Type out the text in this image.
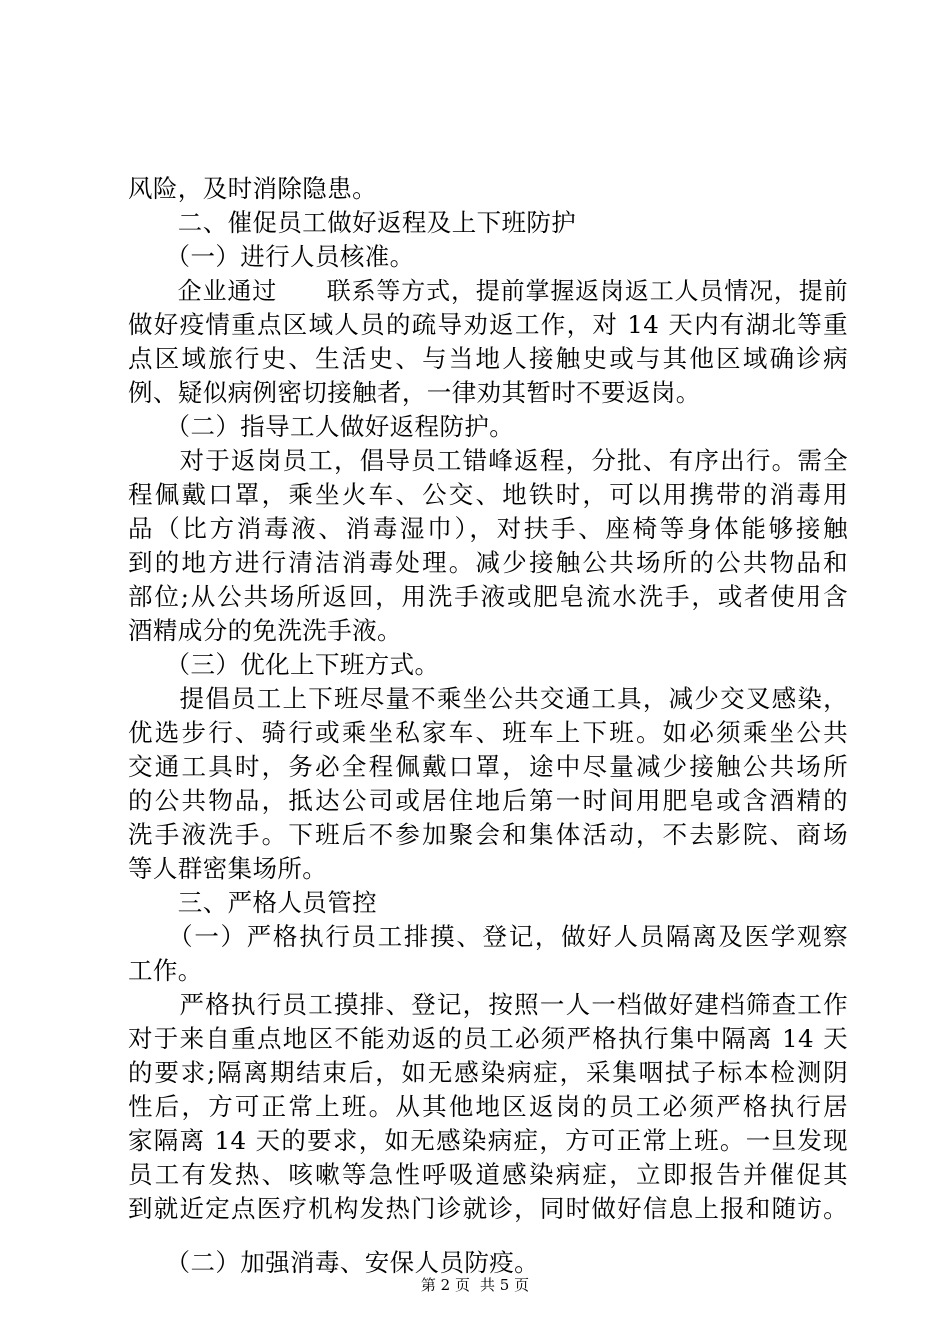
风险，及时消除隐患。
　　二、催促员工做好返程及上下班防护
　　（一）进行人员核准。
　　企业通过　　联系等方式，提前掌握返岗返工人员情况，提前
做好疫情重点区域人员的疏导劝返工作，对 14 天内有湖北等重
点区域旅行史、生活史、与当地人接触史或与其他区域确诊病
例、疑似病例密切接触者，一律劝其暂时不要返岗。
　　（二）指导工人做好返程防护。
　　对于返岗员工，倡导员工错峰返程，分批、有序出行。需全
程佩戴口罩，乘坐火车、公交、地铁时，可以用携带的消毒用
品（比方消毒液、消毒湿巾），对扶手、座椅等身体能够接触
到的地方进行清洁消毒处理。减少接触公共场所的公共物品和
部位;从公共场所返回，用洗手液或肥皂流水洗手，或者使用含
酒精成分的免洗洗手液。
　　（三）优化上下班方式。
　　提倡员工上下班尽量不乘坐公共交通工具，减少交叉感染，
优选步行、骑行或乘坐私家车、班车上下班。如必须乘坐公共
交通工具时，务必全程佩戴口罩，途中尽量减少接触公共场所
的公共物品，抵达公司或居住地后第一时间用肥皂或含酒精的
洗手液洗手。下班后不参加聚会和集体活动，不去影院、商场
等人群密集场所。
　　三、严格人员管控
　　（一）严格执行员工排摸、登记，做好人员隔离及医学观察
工作。
　　严格执行员工摸排、登记，按照一人一档做好建档筛查工作
对于来自重点地区不能劝返的员工必须严格执行集中隔离 14 天
的要求;隔离期结束后，如无感染病症，采集咽拭子标本检测阴
性后，方可正常上班。从其他地区返岗的员工必须严格执行居
家隔离 14 天的要求，如无感染病症，方可正常上班。一旦发现
员工有发热、咳嗽等急性呼吸道感染病症，立即报告并催促其
到就近定点医疗机构发热门诊就诊，同时做好信息上报和随访。
　　（二）加强消毒、安保人员防疫。
第 2 页 共 5 页
